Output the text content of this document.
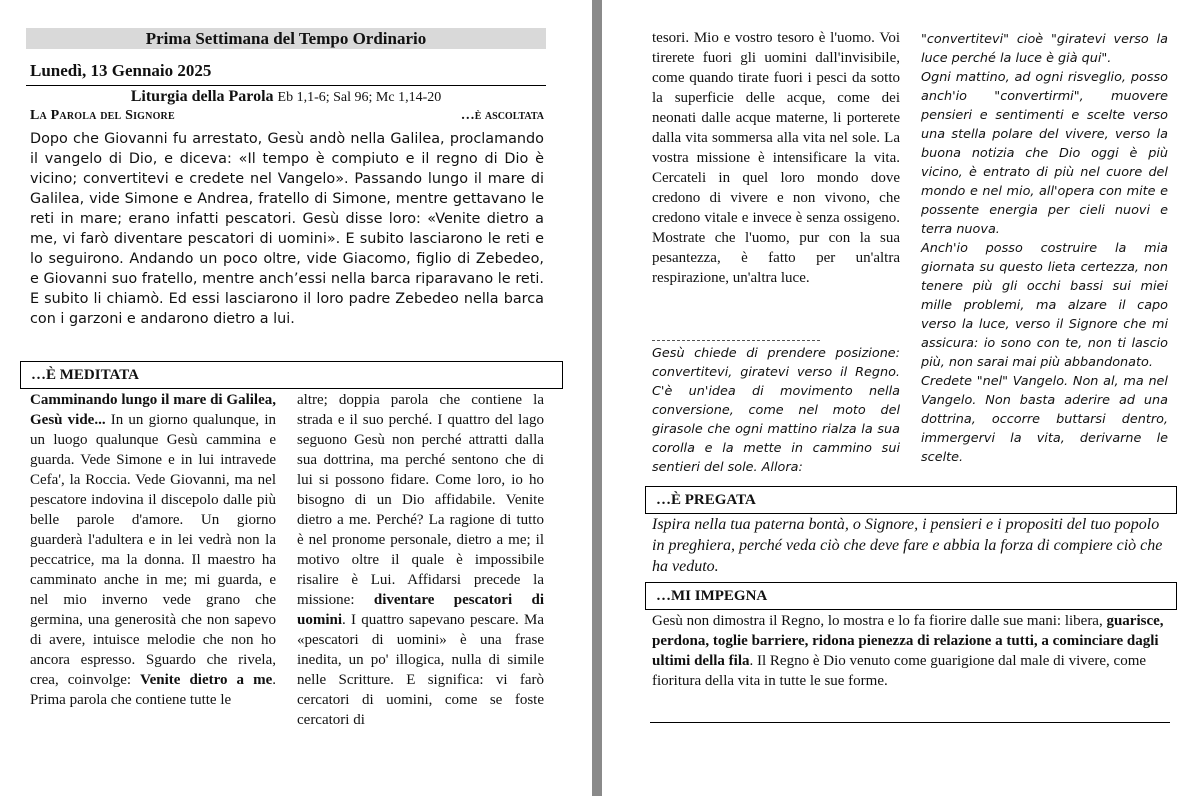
Prima Settimana del Tempo Ordinario
Lunedì, 13 Gennaio 2025
Liturgia della Parola Eb 1,1-6; Sal 96; Mc 1,14-20
La Parola del Signore	…è ascoltata
Dopo che Giovanni fu arrestato, Gesù andò nella Galilea, proclamando il vangelo di Dio, e diceva: «Il tempo è compiuto e il regno di Dio è vicino; convertitevi e credete nel Vangelo». Passando lungo il mare di Galilea, vide Simone e Andrea, fratello di Simone, mentre gettavano le reti in mare; erano infatti pescatori. Gesù disse loro: «Venite dietro a me, vi farò diventare pescatori di uomini». E subito lasciarono le reti e lo seguirono. Andando un poco oltre, vide Giacomo, figlio di Zebedeo, e Giovanni suo fratello, mentre anch’essi nella barca riparavano le reti. E subito li chiamò. Ed essi lasciarono il loro padre Zebedeo nella barca con i garzoni e andarono dietro a lui.
…È MEDITATA
Camminando lungo il mare di Galilea, Gesù vide... In un giorno qualunque, in un luogo qualunque Gesù cammina e guarda. Vede Simone e in lui intravede Cefa', la Roccia. Vede Giovanni, ma nel pescatore indovina il discepolo dalle più belle parole d'amore. Un giorno guarderà l'adultera e in lei vedrà non la peccatrice, ma la donna. Il maestro ha camminato anche in me; mi guarda, e nel mio inverno vede grano che germina, una generosità che non sapevo di avere, intuisce melodie che non ho ancora espresso. Sguardo che rivela, crea, coinvolge: Venite dietro a me. Prima parola che contiene tutte le
altre; doppia parola che contiene la strada e il suo perché. I quattro del lago seguono Gesù non perché attratti dalla sua dottrina, ma perché sentono che di lui si possono fidare. Come loro, io ho bisogno di un Dio affidabile. Venite dietro a me. Perché? La ragione di tutto è nel pronome personale, dietro a me; il motivo oltre il quale è impossibile risalire è Lui. Affidarsi precede la missione: diventare pescatori di uomini. I quattro sapevano pescare. Ma «pescatori di uomini» è una frase inedita, un po' illogica, nulla di simile nelle Scritture. E significa: vi farò cercatori di uomini, come se foste cercatori di
tesori. Mio e vostro tesoro è l'uomo. Voi tirerete fuori gli uomini dall'invisibile, come quando tirate fuori i pesci da sotto la superficie delle acque, come dei neonati dalle acque materne, li porterete dalla vita sommersa alla vita nel sole. La vostra missione è intensificare la vita. Cercateli in quel loro mondo dove credono di vivere e non vivono, che credono vitale e invece è senza ossigeno. Mostrate che l'uomo, pur con la sua pesantezza, è fatto per un'altra respirazione, un'altra luce.
Gesù chiede di prendere posizione: convertitevi, giratevi verso il Regno. C'è un'idea di movimento nella conversione, come nel moto del girasole che ogni mattino rialza la sua corolla e la mette in cammino sui sentieri del sole. Allora:

"convertitevi" cioè "giratevi verso la luce perché la luce è già qui".

Ogni mattino, ad ogni risveglio, posso anch'io "convertirmi", muovere pensieri e sentimenti e scelte verso una stella polare del vivere, verso la buona notizia che Dio oggi è più vicino, è entrato di più nel cuore del mondo e nel mio, all'opera con mite e possente energia per cieli nuovi e terra nuova.

Anch'io posso costruire la mia giornata su questo lieta certezza, non tenere più gli occhi bassi sui miei mille problemi, ma alzare il capo verso la luce, verso il Signore che mi assicura: io sono con te, non ti lascio più, non sarai mai più abbandonato.

Credete "nel" Vangelo. Non al, ma nel Vangelo. Non basta aderire ad una dottrina, occorre buttarsi dentro, immergervi la vita, derivarne le scelte.

…È PREGATA
Ispira nella tua paterna bontà, o Signore, i pensieri e i propositi del tuo popolo in preghiera, perché veda ciò che deve fare e abbia la forza di compiere ciò che ha veduto.
…MI IMPEGNA
Gesù non dimostra il Regno, lo mostra e lo fa fiorire dalle sue mani: libera, guarisce, perdona, toglie barriere, ridona pienezza di relazione a tutti, a cominciare dagli ultimi della fila. Il Regno è Dio venuto come guarigione dal male di vivere, come fioritura della vita in tutte le sue forme.
